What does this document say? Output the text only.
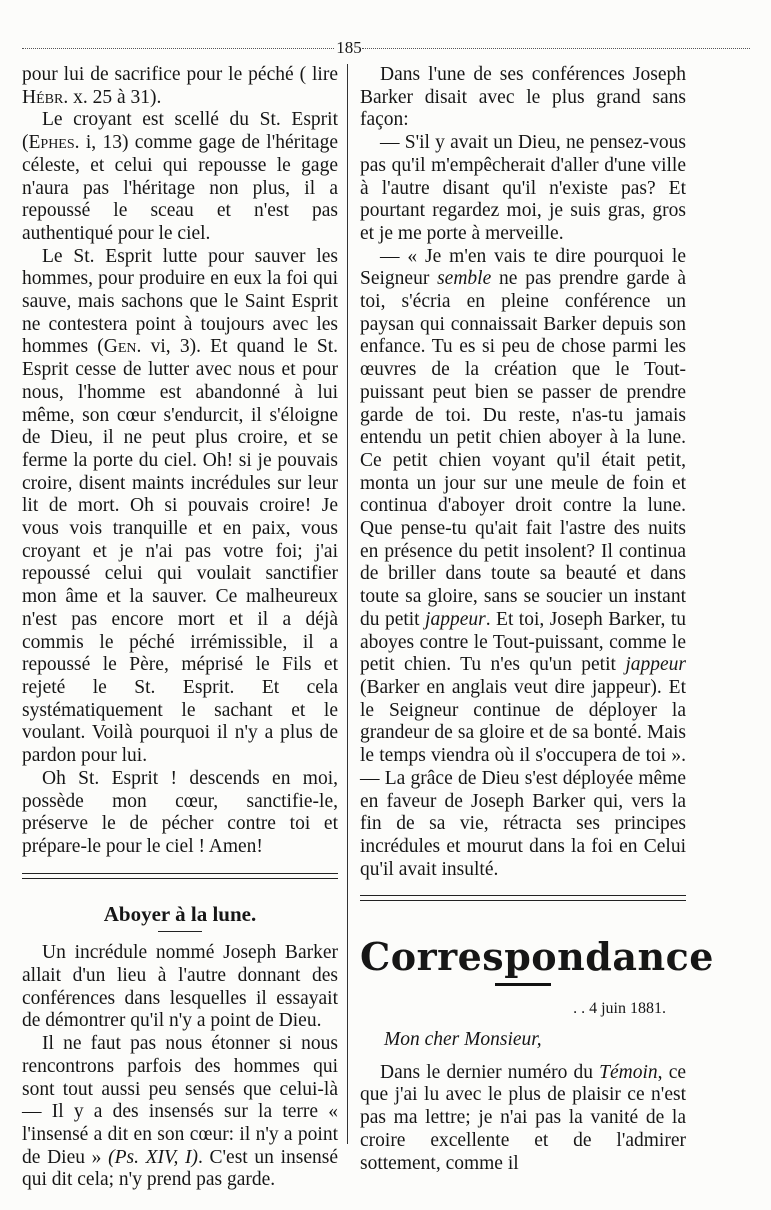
185

pour lui de sacrifice pour le péché ( lire Hébr. x. 25 à 31).

Le croyant est scellé du St. Esprit (Ephes. i, 13) comme gage de l'héritage céleste, et celui qui repousse le gage n'aura pas l'héritage non plus, il a repoussé le sceau et n'est pas authentiqué pour le ciel.

Le St. Esprit lutte pour sauver les hommes, pour produire en eux la foi qui sauve, mais sachons que le Saint Esprit ne contestera point à toujours avec les hommes (Gen. vi, 3). Et quand le St. Esprit cesse de lutter avec nous et pour nous, l'homme est abandonné à lui même, son cœur s'endurcit, il s'éloigne de Dieu, il ne peut plus croire, et se ferme la porte du ciel. Oh! si je pouvais croire, disent maints incrédules sur leur lit de mort. Oh si pouvais croire! Je vous vois tranquille et en paix, vous croyant et je n'ai pas votre foi; j'ai repoussé celui qui voulait sanctifier mon âme et la sauver. Ce malheureux n'est pas encore mort et il a déjà commis le péché irrémissible, il a repoussé le Père, méprisé le Fils et rejeté le St. Esprit. Et cela systématiquement le sachant et le voulant. Voilà pourquoi il n'y a plus de pardon pour lui.

Oh St. Esprit ! descends en moi, possède mon cœur, sanctifie-le, préserve le de pécher contre toi et prépare-le pour le ciel ! Amen!

Aboyer à la lune.

Un incrédule nommé Joseph Barker allait d'un lieu à l'autre donnant des conférences dans lesquelles il essayait de démontrer qu'il n'y a point de Dieu.

Il ne faut pas nous étonner si nous rencontrons parfois des hommes qui sont tout aussi peu sensés que celui-là — Il y a des insensés sur la terre « l'insensé a dit en son cœur: il n'y a point de Dieu » (Ps. XIV, I). C'est un insensé qui dit cela; n'y prend pas garde.

Dans l'une de ses conférences Joseph Barker disait avec le plus grand sans façon:

— S'il y avait un Dieu, ne pensez-vous pas qu'il m'empêcherait d'aller d'une ville à l'autre disant qu'il n'existe pas? Et pourtant regardez moi, je suis gras, gros et je me porte à merveille.

— « Je m'en vais te dire pourquoi le Seigneur semble ne pas prendre garde à toi, s'écria en pleine conférence un paysan qui connaissait Barker depuis son enfance. Tu es si peu de chose parmi les œuvres de la création que le Tout-puissant peut bien se passer de prendre garde de toi. Du reste, n'as-tu jamais entendu un petit chien aboyer à la lune. Ce petit chien voyant qu'il était petit, monta un jour sur une meule de foin et continua d'aboyer droit contre la lune. Que pense-tu qu'ait fait l'astre des nuits en présence du petit insolent? Il continua de briller dans toute sa beauté et dans toute sa gloire, sans se soucier un instant du petit jappeur. Et toi, Joseph Barker, tu aboyes contre le Tout-puissant, comme le petit chien. Tu n'es qu'un petit jappeur (Barker en anglais veut dire jappeur). Et le Seigneur continue de déployer la grandeur de sa gloire et de sa bonté. Mais le temps viendra où il s'occupera de toi ». — La grâce de Dieu s'est déployée même en faveur de Joseph Barker qui, vers la fin de sa vie, rétracta ses principes incrédules et mourut dans la foi en Celui qu'il avait insulté.

Correspondance
. . 4 juin 1881.

Mon cher Monsieur,

Dans le dernier numéro du Témoin, ce que j'ai lu avec le plus de plaisir ce n'est pas ma lettre; je n'ai pas la vanité de la croire excellente et de l'admirer sottement, comme il
